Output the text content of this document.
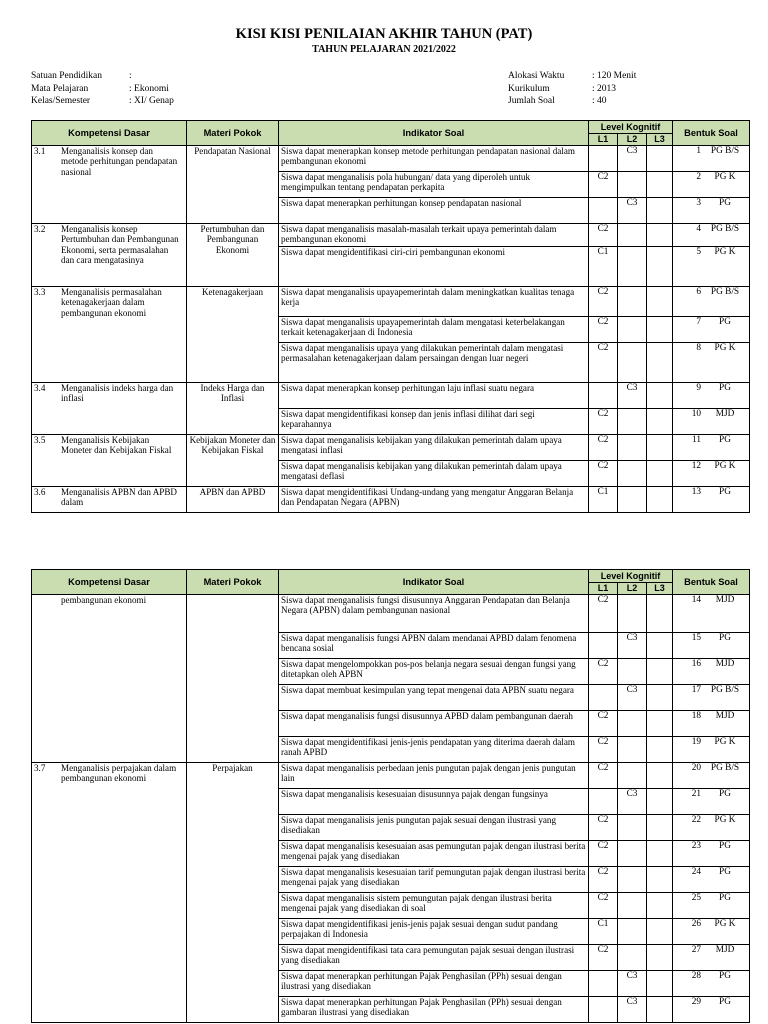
KISI KISI PENILAIAN AKHIR TAHUN (PAT)
TAHUN PELAJARAN 2021/2022
Satuan Pendidikan	:
Mata Pelajaran	: Ekonomi
Kelas/Semester	: XI/ Genap
Alokasi Waktu	: 120 Menit
Kurikulum	: 2013
Jumlah Soal	: 40
Kompetensi Dasar	Materi Pokok	Indikator Soal	Level Kognitif			Bentuk Soal
			L1	L2	L3	
3.1 Menganalisis konsep dan metode perhitungan pendapatan nasional	Pendapatan Nasional	Siswa dapat menerapkan konsep metode perhitungan pendapatan nasional dalam pembangunan ekonomi		C3		1 PG B/S
		Siswa dapat menganalisis pola hubungan/ data yang diperoleh untuk mengimpulkan tentang pendapatan perkapita	C2			2 PG K
		Siswa dapat menerapkan perhitungan konsep pendapatan nasional		C3		3 PG
3.2 Menganalisis konsep Pertumbuhan dan Pembangunan Ekonomi, serta permasalahan dan cara mengatasinya	Pertumbuhan dan Pembangunan Ekonomi	Siswa dapat menganalisis masalah-masalah terkait upaya pemerintah dalam pembangunan ekonomi	C2			4 PG B/S
		Siswa dapat mengidentifikasi ciri-ciri pembangunan ekonomi	C1			5 PG K
3.3 Menganalisis permasalahan ketenagakerjaan dalam pembangunan ekonomi	Ketenagakerjaan	Siswa dapat menganalisis upayapemerintah dalam meningkatkan kualitas tenaga kerja	C2			6 PG B/S
		Siswa dapat menganalisis upayapemerintah dalam mengatasi keterbelakangan terkait ketenagakerjaan di Indonesia	C2			7 PG
		Siswa dapat menganalisis upaya yang dilakukan pemerintah dalam mengatasi permasalahan ketenagakerjaan dalam persaingan dengan luar negeri	C2			8 PG K
3.4 Menganalisis indeks harga dan inflasi	Indeks Harga dan Inflasi	Siswa dapat menerapkan konsep perhitungan laju inflasi suatu negara		C3		9 PG
		Siswa dapat mengidentifikasi konsep dan jenis inflasi dilihat dari segi keparahannya	C2			10 MJD
3.5 Menganalisis Kebijakan Moneter dan Kebijakan Fiskal	Kebijakan Moneter dan Kebijakan Fiskal	Siswa dapat menganalisis kebijakan yang dilakukan pemerintah dalam upaya mengatasi inflasi	C2			11 PG
		Siswa dapat menganalisis kebijakan yang dilakukan pemerintah dalam upaya mengatasi deflasi	C2			12 PG K
3.6 Menganalisis APBN dan APBD dalam	APBN dan APBD	Siswa dapat mengidentifikasi Undang-undang yang mengatur Anggaran Belanja dan Pendapatan Negara (APBN)	C1			13 PG
Kompetensi Dasar	Materi Pokok	Indikator Soal	Level Kognitif			Bentuk Soal
			L1	L2	L3	
pembangunan ekonomi		Siswa dapat menganalisis fungsi disusunnya Anggaran Pendapatan dan Belanja Negara (APBN) dalam pembangunan nasional	C2			14 MJD
		Siswa dapat menganalisis fungsi APBN dalam mendanai APBD dalam fenomena bencana sosial		C3		15 PG
		Siswa dapat mengelompokkan pos-pos belanja negara sesuai dengan fungsi yang ditetapkan oleh APBN	C2			16 MJD
		Siswa dapat membuat kesimpulan yang tepat mengenai data APBN suatu negara		C3		17 PG B/S
		Siswa dapat menganalisis fungsi disusunnya APBD dalam pembangunan daerah	C2			18 MJD
		Siswa dapat mengidentifikasi jenis-jenis pendapatan yang diterima daerah dalam ranah APBD	C2			19 PG K
3.7 Menganalisis perpajakan dalam pembangunan ekonomi	Perpajakan	Siswa dapat menganalisis perbedaan jenis pungutan pajak dengan jenis pungutan lain	C2			20 PG B/S
		Siswa dapat menganalisis kesesuaian disusunnya pajak dengan fungsinya		C3		21 PG
		Siswa dapat menganalisis jenis pungutan pajak sesuai dengan ilustrasi yang disediakan	C2			22 PG K
		Siswa dapat menganalisis kesesuaian asas pemungutan pajak dengan ilustrasi berita mengenai pajak yang disediakan	C2			23 PG
		Siswa dapat menganalisis kesesuaian tarif pemungutan pajak dengan ilustrasi berita mengenai pajak yang disediakan	C2			24 PG
		Siswa dapat menganalisis sistem pemungutan pajak dengan ilustrasi berita mengenai pajak yang disediakan di soal	C2			25 PG
		Siswa dapat mengidentifikasi jenis-jenis pajak sesuai dengan sudut pandang perpajakan di Indonesia	C1			26 PG K
		Siswa dapat mengidentifikasi tata cara pemungutan pajak sesuai dengan ilustrasi yang disediakan	C2			27 MJD
		Siswa dapat menerapkan perhitungan Pajak Penghasilan (PPh) sesuai dengan ilustrasi yang disediakan		C3		28 PG
		Siswa dapat menerapkan perhitungan Pajak Penghasilan (PPh) sesuai dengan gambaran ilustrasi yang disediakan		C3		29 PG
